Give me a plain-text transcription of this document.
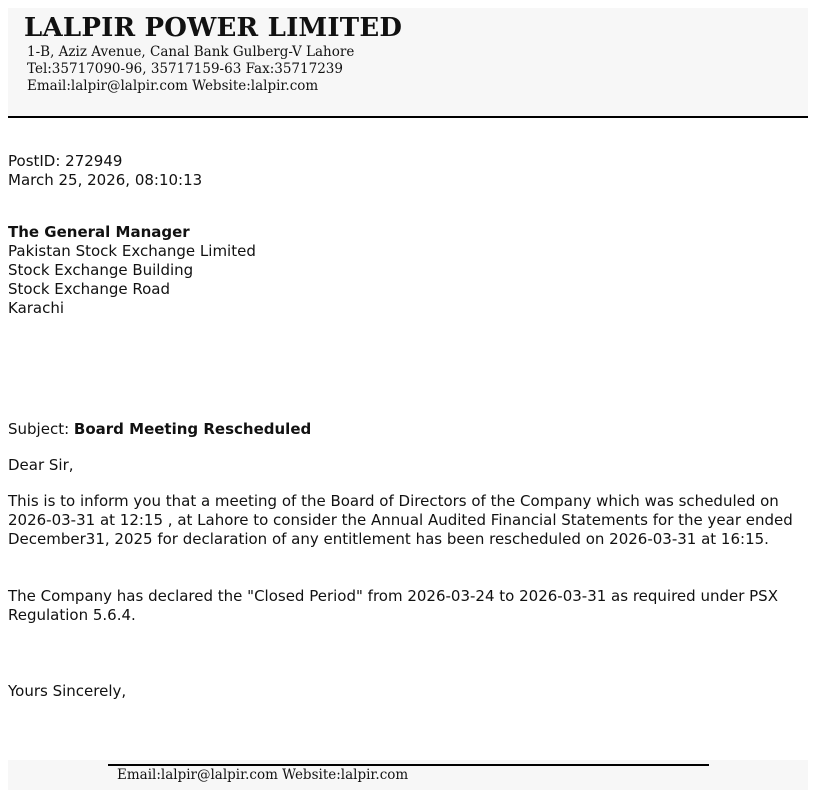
LALPIR POWER LIMITED
1-B, Aziz Avenue, Canal Bank Gulberg-V Lahore
Tel:35717090-96, 35717159-63 Fax:35717239
Email:lalpir@lalpir.com Website:lalpir.com
PostID: 272949
March 25, 2026, 08:10:13
The General Manager
Pakistan Stock Exchange Limited
Stock Exchange Building
Stock Exchange Road
Karachi
Subject: Board Meeting Rescheduled
Dear Sir,
This is to inform you that a meeting of the Board of Directors of the Company which was scheduled on 2026-03-31 at 12:15 , at Lahore to consider the Annual Audited Financial Statements for the year ended December31, 2025 for declaration of any entitlement has been rescheduled on 2026-03-31 at 16:15.
The Company has declared the "Closed Period" from 2026-03-24 to 2026-03-31 as required under PSX Regulation 5.6.4.
Yours Sincerely,
Email:lalpir@lalpir.com Website:lalpir.com
